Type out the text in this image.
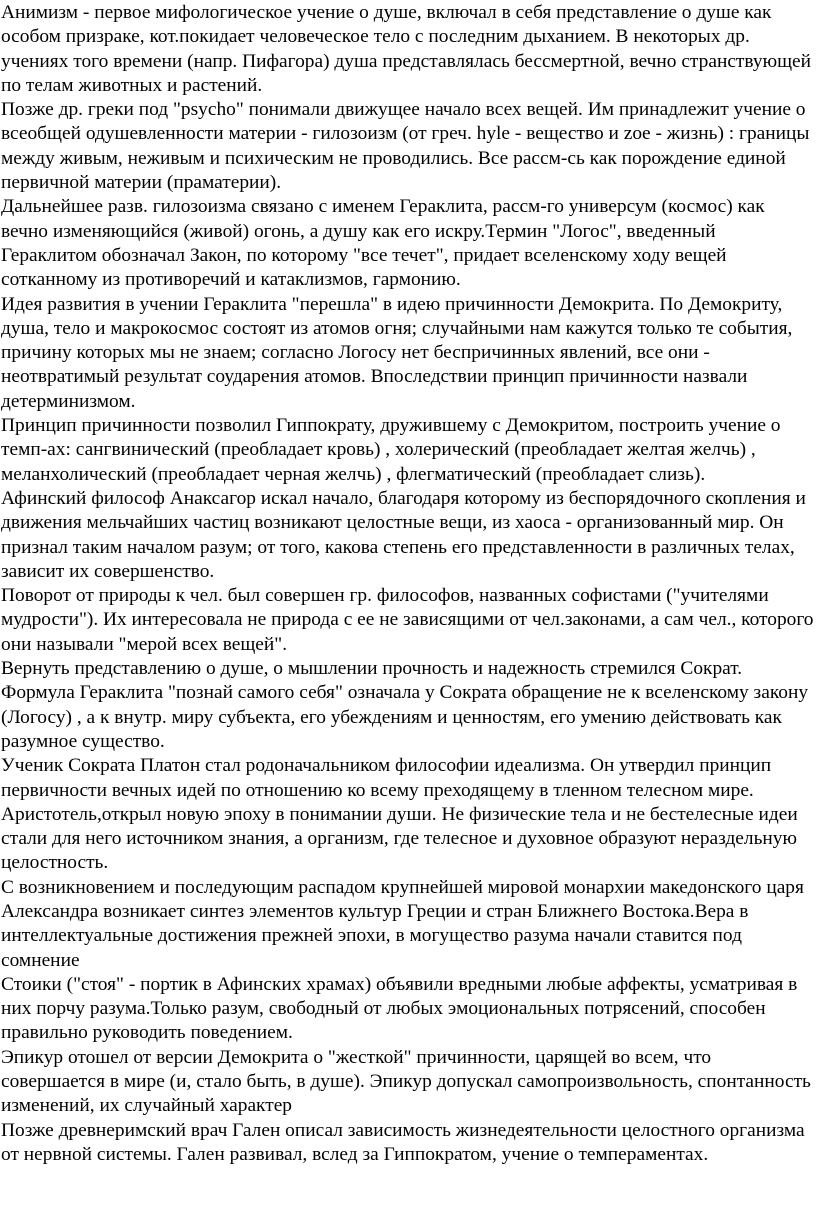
Анимизм - первое мифологическое учение о душе, включал в себя представление о душе как особом призраке, кот.покидает человеческое тело с последним дыханием. В некоторых др. учениях того времени (напр. Пифагора) душа представлялась бессмертной, вечно странствующей по телам животных и растений.

Позже др. греки под "psycho" понимали движущее начало всех вещей. Им принадлежит учение о всеобщей одушевленности материи - гилозоизм (от греч. hyle - вещество и zoe - жизнь) : границы между живым, неживым и психическим не проводились. Все рассм-сь как порождение единой первичной материи (праматерии).

Дальнейшее разв. гилозоизма связано с именем Гераклита, рассм-го универсум (космос) как вечно изменяющийся (живой) огонь, а душу как его искру.Термин "Логос", введенный Гераклитом обозначал Закон, по которому "все течет", придает вселенскому ходу вещей сотканному из противоречий и катаклизмов, гармонию.

Идея развития в учении Гераклита "перешла" в идею причинности Демокрита. По Демокриту, душа, тело и макрокосмос состоят из атомов огня; случайными нам кажутся только те события, причину которых мы не знаем; согласно Логосу нет беспричинных явлений, все они - неотвратимый результат соударения атомов. Впоследствии принцип причинности назвали детерминизмом.

Принцип причинности позволил Гиппократу, дружившему с Демокритом, построить учение о темп-ах: сангвинический (преобладает кровь) , холерический (преобладает желтая желчь) , меланхолический (преобладает черная желчь) , флегматический (преобладает слизь).

Афинский философ Анаксагор искал начало, благодаря которому из беспорядочного скопления и движения мельчайших частиц возникают целостные вещи, из хаоса - организованный мир. Он признал таким началом разум; от того, какова степень его представленности в различных телах, зависит их совершенство.

Поворот от природы к чел. был совершен гр. философов, названных софистами ("учителями мудрости"). Их интересовала не природа с ее не зависящими от чел.законами, а сам чел., которого они называли "мерой всех вещей".

Вернуть представлению о душе, о мышлении прочность и надежность стремился Сократ. Формула Гераклита "познай самого себя" означала у Сократа обращение не к вселенскому закону (Логосу) , а к внутр. миру субъекта, его убеждениям и ценностям, его умению действовать как разумное существо.

Ученик Сократа Платон стал родоначальником философии идеализма. Он утвердил принцип первичности вечных идей по отношению ко всему преходящему в тленном телесном мире.

Аристотель,открыл новую эпоху в понимании души. Не физические тела и не бестелесные идеи стали для него источником знания, а организм, где телесное и духовное образуют нераздельную целостность.

С возникновением и последующим распадом крупнейшей мировой монархии македонского царя Александра возникает синтез элементов культур Греции и стран Ближнего Востока.Вера в интеллектуальные достижения прежней эпохи, в могущество разума начали ставится под сомнение

Стоики ("стоя" - портик в Афинских храмах) объявили вредными любые аффекты, усматривая в них порчу разума.Только разум, свободный от любых эмоциональных потрясений, способен правильно руководить поведением.

Эпикур отошел от версии Демокрита о "жесткой" причинности, царящей во всем, что совершается в мире (и, стало быть, в душе). Эпикур допускал самопроизвольность, спонтанность изменений, их случайный характер

Позже древнеримский врач Гален описал зависимость жизнедеятельности целостного организма от нервной системы. Гален развивал, вслед за Гиппократом, учение о темпераментах.
